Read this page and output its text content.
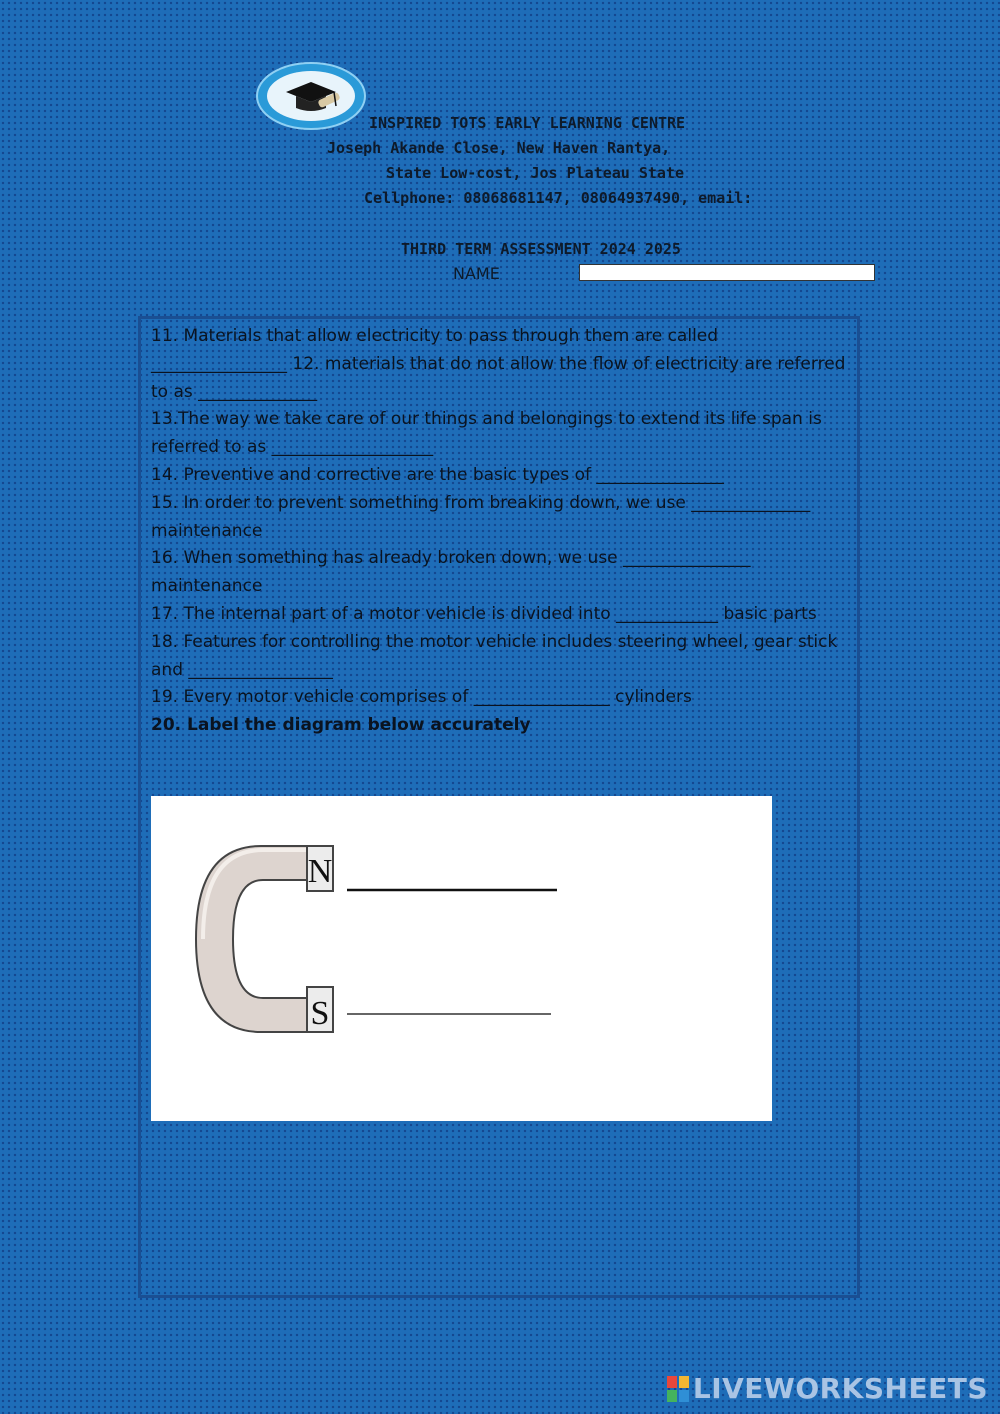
INSPIRED TOTS EARLY LEARNING CENTRE
Joseph Akande Close, New Haven Rantya,
State Low-cost, Jos Plateau State
Cellphone: 08068681147, 08064937490, email:
THIRD TERM ASSESSMENT 2024 2025
NAME

11. Materials that allow electricity to pass through them are called ________________ 12. materials that do not allow the flow of electricity are referred to as ______________

13.The way we take care of our things and belongings to extend its life span is referred to as ___________________

14. Preventive and corrective are the basic types of _______________

15. In order to prevent something from breaking down, we use ______________ maintenance

16. When something has already broken down, we use _______________ maintenance

17. The internal part of a motor vehicle is divided into ____________ basic parts

18. Features for controlling the motor vehicle includes steering wheel, gear stick and _________________

19. Every motor vehicle comprises of ________________ cylinders

20. Label the diagram below accurately

N
S
LIVEWORKSHEETS
